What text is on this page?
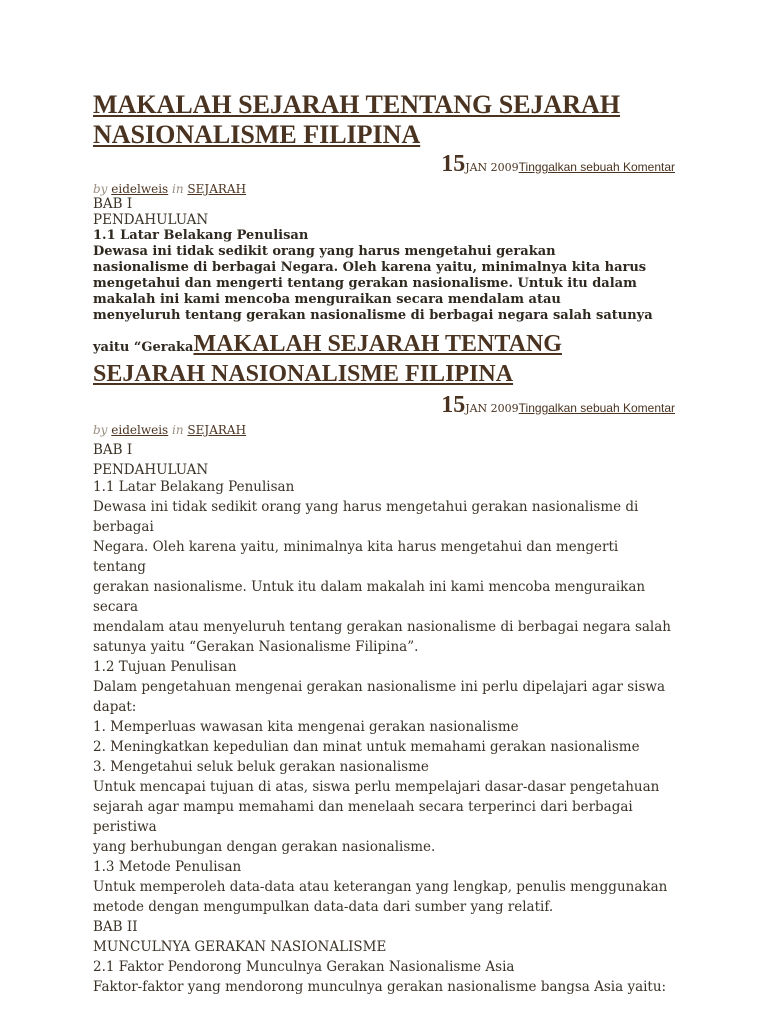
MAKALAH SEJARAH TENTANG SEJARAH
NASIONALISME FILIPINA
15JAN 2009Tinggalkan sebuah Komentar
by eidelweis in SEJARAH
BAB I
PENDAHULUAN
1.1 Latar Belakang Penulisan
Dewasa ini tidak sedikit orang yang harus mengetahui gerakan
nasionalisme di berbagai Negara. Oleh karena yaitu, minimalnya kita harus
mengetahui dan mengerti tentang gerakan nasionalisme. Untuk itu dalam
makalah ini kami mencoba menguraikan secara mendalam atau
menyeluruh tentang gerakan nasionalisme di berbagai negara salah satunya
yaitu “GerakaMAKALAH SEJARAH TENTANG
SEJARAH NASIONALISME FILIPINA
15JAN 2009Tinggalkan sebuah Komentar
by eidelweis in SEJARAH
BAB I
PENDAHULUAN
1.1 Latar Belakang Penulisan
Dewasa ini tidak sedikit orang yang harus mengetahui gerakan nasionalisme di berbagai
Negara. Oleh karena yaitu, minimalnya kita harus mengetahui dan mengerti tentang
gerakan nasionalisme. Untuk itu dalam makalah ini kami mencoba menguraikan secara
mendalam atau menyeluruh tentang gerakan nasionalisme di berbagai negara salah
satunya yaitu “Gerakan Nasionalisme Filipina”.
1.2 Tujuan Penulisan
Dalam pengetahuan mengenai gerakan nasionalisme ini perlu dipelajari agar siswa
dapat:
1. Memperluas wawasan kita mengenai gerakan nasionalisme
2. Meningkatkan kepedulian dan minat untuk memahami gerakan nasionalisme
3. Mengetahui seluk beluk gerakan nasionalisme
Untuk mencapai tujuan di atas, siswa perlu mempelajari dasar-dasar pengetahuan
sejarah agar mampu memahami dan menelaah secara terperinci dari berbagai peristiwa
yang berhubungan dengan gerakan nasionalisme.
1.3 Metode Penulisan
Untuk memperoleh data-data atau keterangan yang lengkap, penulis menggunakan
metode dengan mengumpulkan data-data dari sumber yang relatif.
BAB II
MUNCULNYA GERAKAN NASIONALISME
2.1 Faktor Pendorong Munculnya Gerakan Nasionalisme Asia
Faktor-faktor yang mendorong munculnya gerakan nasionalisme bangsa Asia yaitu:
